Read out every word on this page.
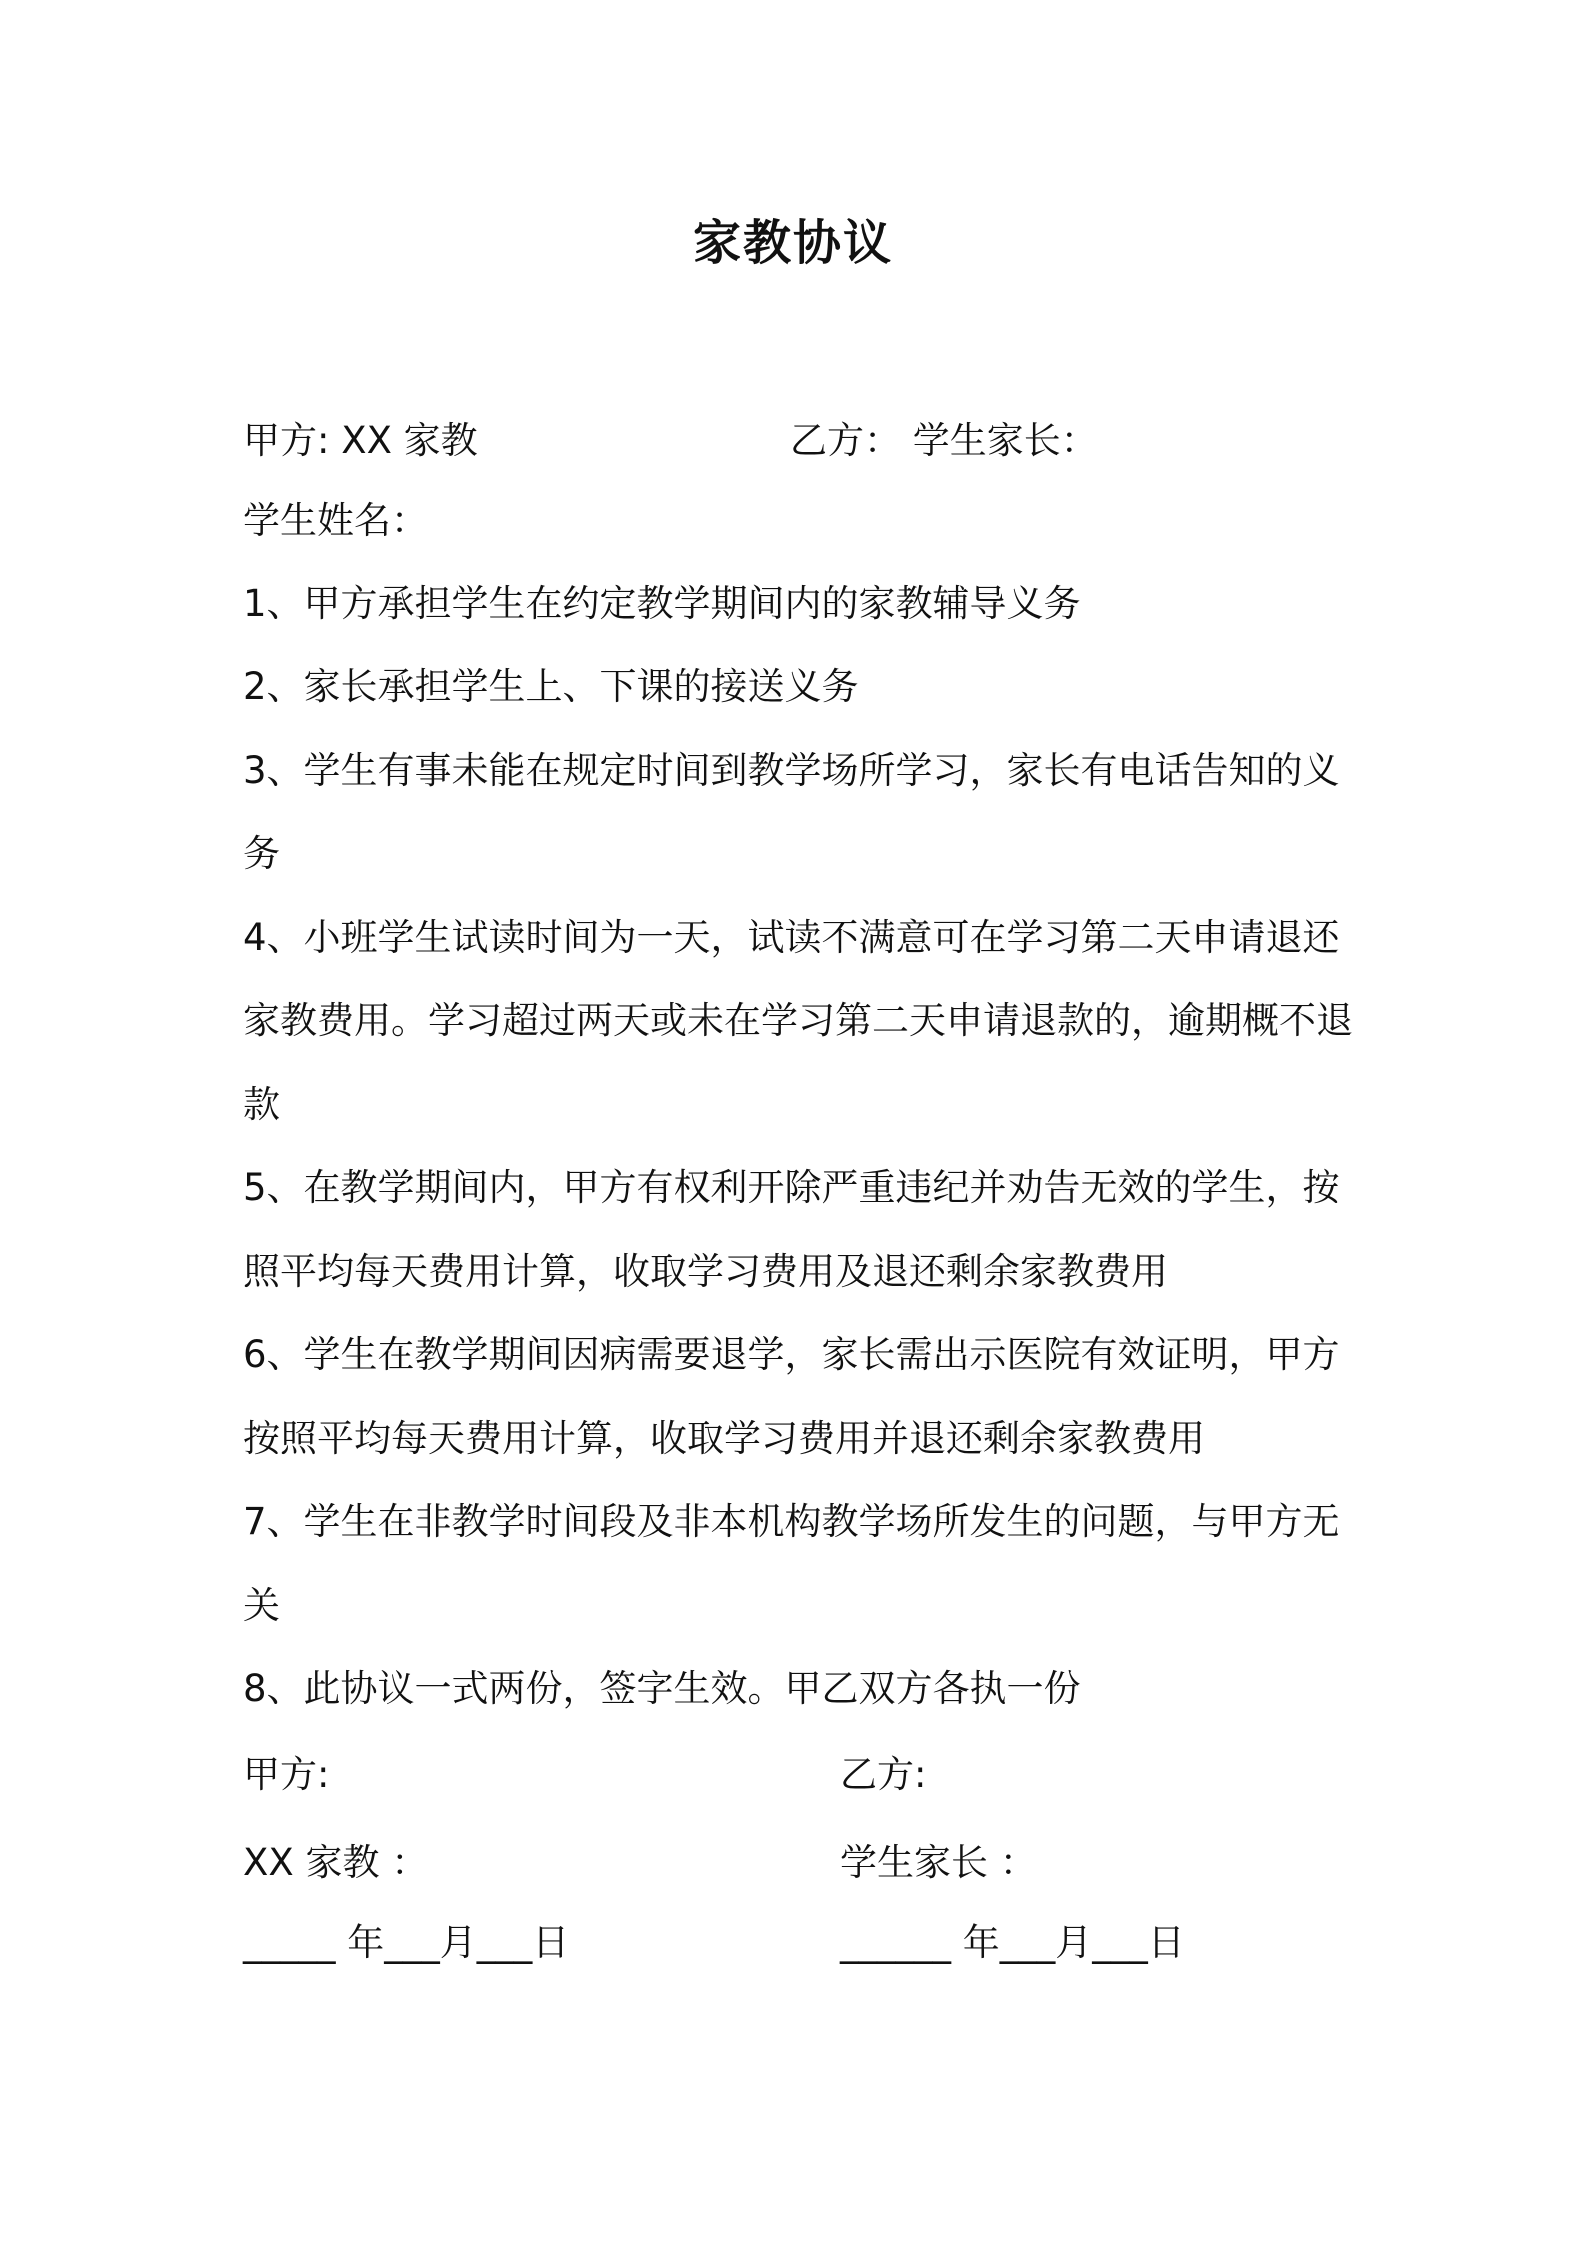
家教协议
甲方: XX 家教	乙方： 学生家长：
学生姓名：
1、甲方承担学生在约定教学期间内的家教辅导义务
2、家长承担学生上、下课的接送义务
3、学生有事未能在规定时间到教学场所学习，家长有电话告知的义
务
4、小班学生试读时间为一天，试读不满意可在学习第二天申请退还
家教费用。学习超过两天或未在学习第二天申请退款的，逾期概不退
款
5、在教学期间内，甲方有权利开除严重违纪并劝告无效的学生，按
照平均每天费用计算，收取学习费用及退还剩余家教费用
6、学生在教学期间因病需要退学，家长需出示医院有效证明，甲方
按照平均每天费用计算，收取学习费用并退还剩余家教费用
7、学生在非教学时间段及非本机构教学场所发生的问题，与甲方无
关
8、此协议一式两份，签字生效。甲乙双方各执一份
甲方:	乙方:
XX 家教 ：	学生家长 ：
_____ 年___月___日	______ 年___月___日
